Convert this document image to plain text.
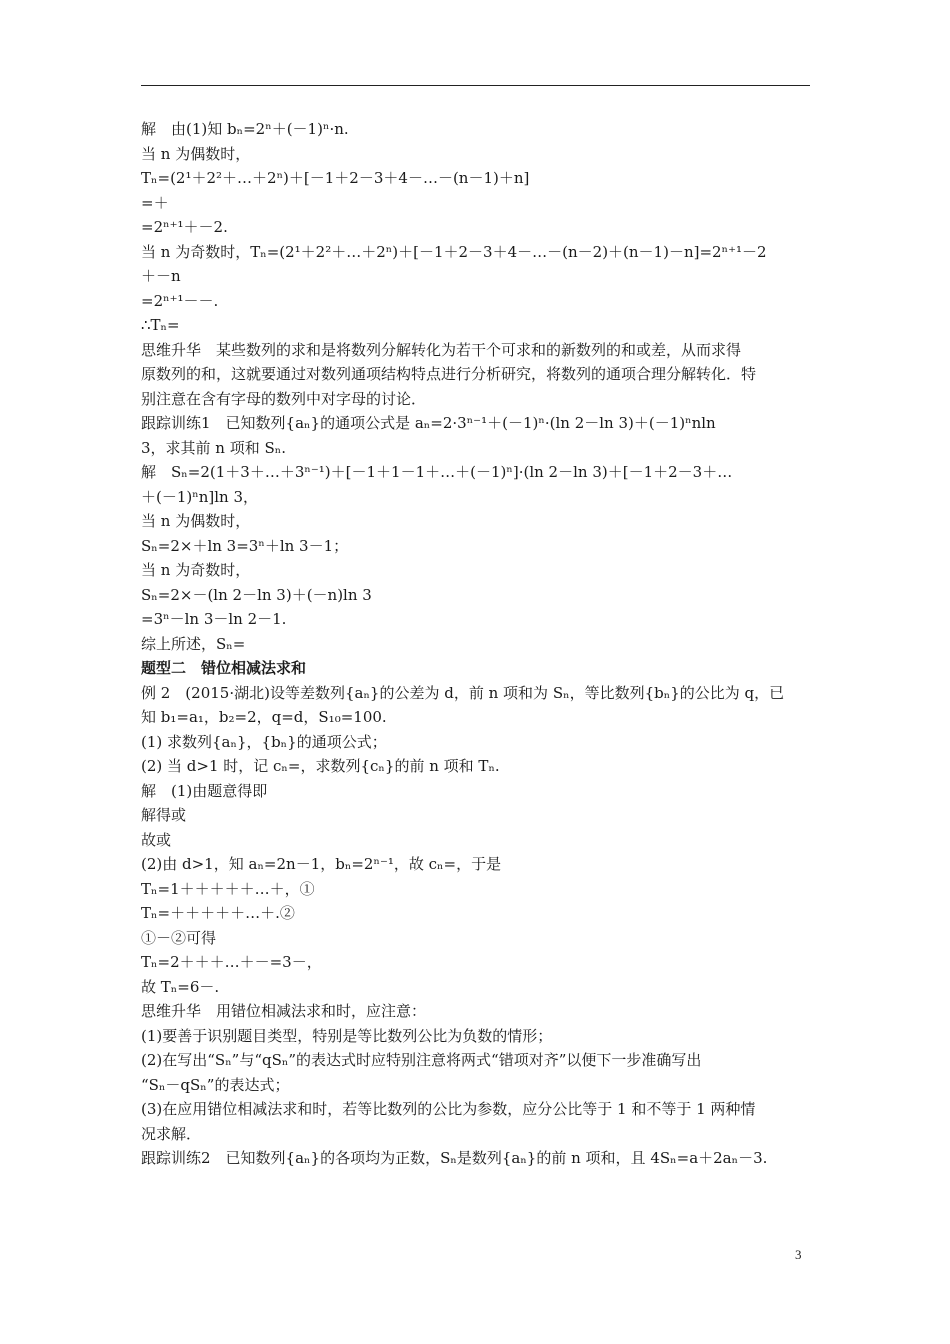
解　由(1)知 bₙ=2ⁿ＋(－1)ⁿ·n.
当 n 为偶数时，
Tₙ=(2¹＋2²＋…＋2ⁿ)＋[－1＋2－3＋4－…－(n－1)＋n]
=＋
=2ⁿ⁺¹＋－2.
当 n 为奇数时，Tₙ=(2¹＋2²＋…＋2ⁿ)＋[－1＋2－3＋4－…－(n－2)＋(n－1)－n]=2ⁿ⁺¹－2
＋－n
=2ⁿ⁺¹－－.
∴Tₙ=
思维升华　某些数列的求和是将数列分解转化为若干个可求和的新数列的和或差，从而求得
原数列的和，这就要通过对数列通项结构特点进行分析研究，将数列的通项合理分解转化．特
别注意在含有字母的数列中对字母的讨论．
跟踪训练1　已知数列{aₙ}的通项公式是 aₙ=2·3ⁿ⁻¹＋(－1)ⁿ·(ln 2－ln 3)＋(－1)ⁿnln
3，求其前 n 项和 Sₙ.
解　Sₙ=2(1＋3＋…＋3ⁿ⁻¹)＋[－1＋1－1＋…＋(－1)ⁿ]·(ln 2－ln 3)＋[－1＋2－3＋…
＋(－1)ⁿn]ln 3，
当 n 为偶数时，
Sₙ=2×＋ln 3=3ⁿ＋ln 3－1；
当 n 为奇数时，
Sₙ=2×－(ln 2－ln 3)＋(－n)ln 3
=3ⁿ－ln 3－ln 2－1.
综上所述，Sₙ=
题型二　错位相减法求和
例 2　(2015·湖北)设等差数列{aₙ}的公差为 d，前 n 项和为 Sₙ，等比数列{bₙ}的公比为 q，已
知 b₁=a₁，b₂=2，q=d，S₁₀=100.
(1) 求数列{aₙ}，{bₙ}的通项公式；
(2) 当 d>1 时，记 cₙ=，求数列{cₙ}的前 n 项和 Tₙ.
解　(1)由题意得即
解得或
故或
(2)由 d>1，知 aₙ=2n－1，bₙ=2ⁿ⁻¹，故 cₙ=，于是
Tₙ=1＋＋＋＋＋…＋，①
Tₙ=＋＋＋＋＋…＋.②
①－②可得
Tₙ=2＋＋＋…＋－=3－，
故 Tₙ=6－.
思维升华　用错位相减法求和时，应注意：
(1)要善于识别题目类型，特别是等比数列公比为负数的情形；
(2)在写出“Sₙ”与“qSₙ”的表达式时应特别注意将两式“错项对齐”以便下一步准确写出
“Sₙ－qSₙ”的表达式；
(3)在应用错位相减法求和时，若等比数列的公比为参数，应分公比等于 1 和不等于 1 两种情
况求解．
跟踪训练2　已知数列{aₙ}的各项均为正数，Sₙ是数列{aₙ}的前 n 项和，且 4Sₙ=a＋2aₙ－3.
3
